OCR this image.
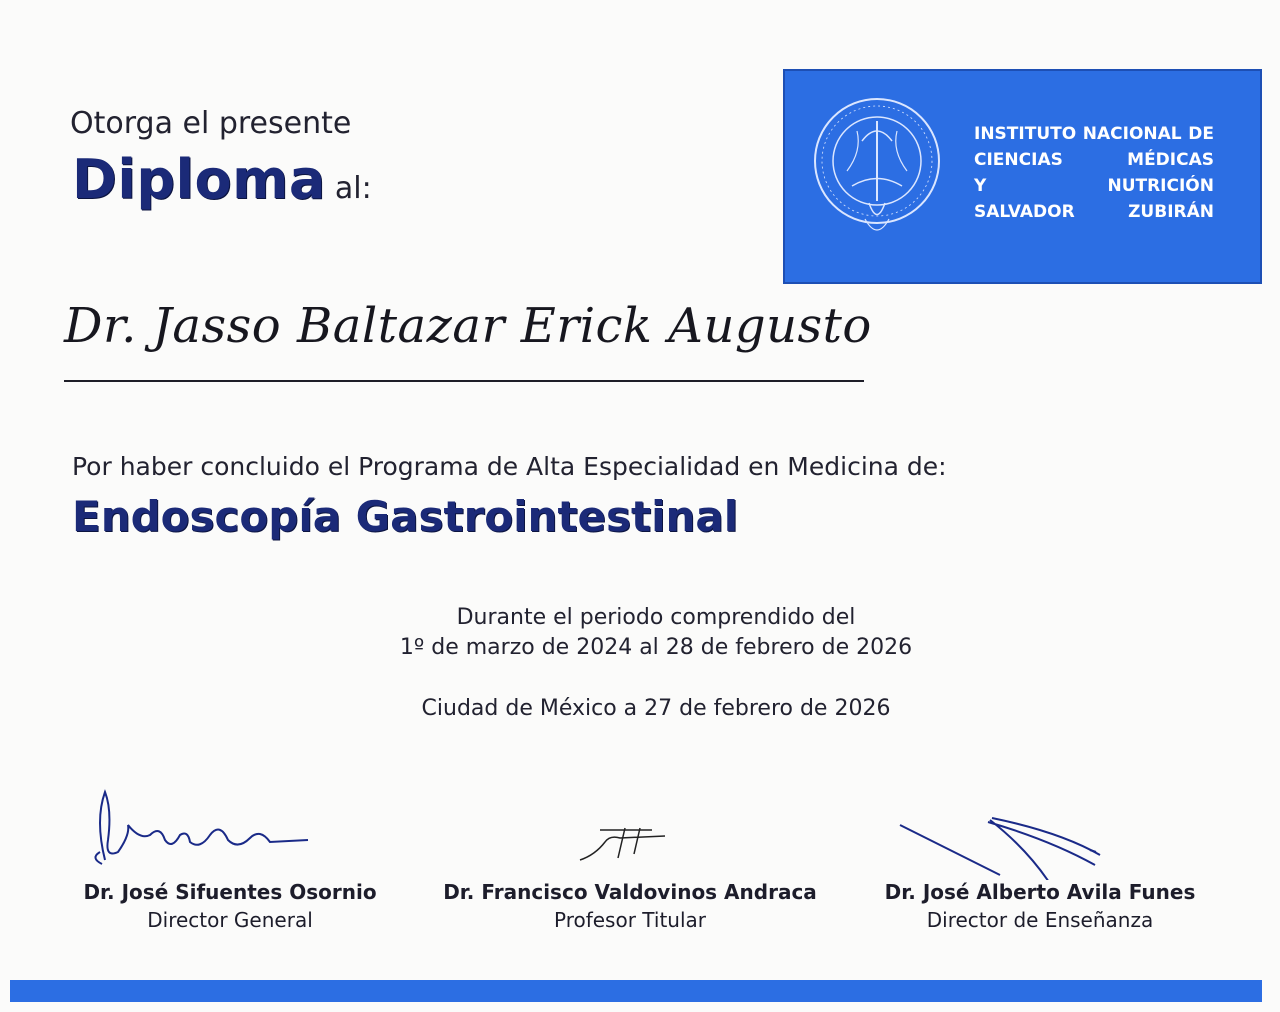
Otorga el presente
Diploma al:
INSTITUTO NACIONAL DE
CIENCIAS MÉDICAS
Y NUTRICIÓN
SALVADOR ZUBIRÁN
Dr. Jasso Baltazar Erick Augusto
Por haber concluido el Programa de Alta Especialidad en Medicina de:
Endoscopía Gastrointestinal
Durante el periodo comprendido del
1º de marzo de 2024 al 28 de febrero de 2026
Ciudad de México a 27 de febrero de 2026
Dr. José Sifuentes Osornio
Director General
Dr. Francisco Valdovinos Andraca
Profesor Titular
Dr. José Alberto Avila Funes
Director de Enseñanza
